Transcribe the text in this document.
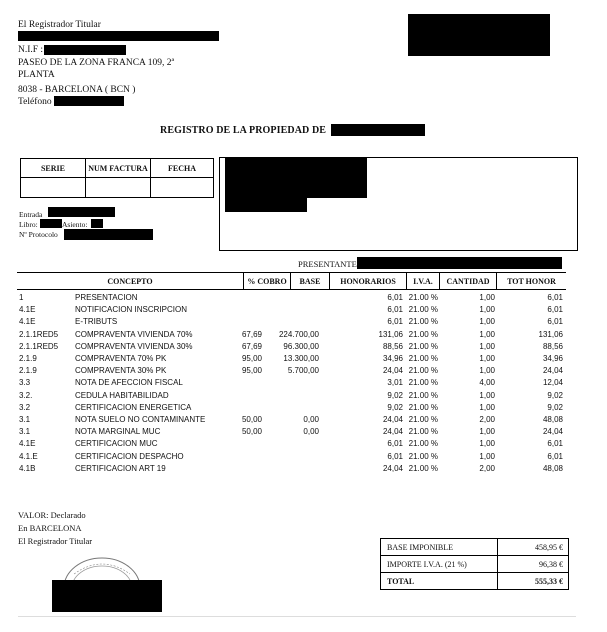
El Registrador Titular
N.I.F :
PASEO DE LA ZONA FRANCA 109, 2ª
PLANTA
8038 - BARCELONA ( BCN )
Teléfono
REGISTRO DE LA PROPIEDAD DE
SERIE	NUM FACTURA	FECHA
Entrada
Libro:	Asiento:
Nº Protocolo
PRESENTANTE
CONCEPTO	% COBRO	BASE	HONORARIOS	I.V.A.	CANTIDAD	TOT HONOR
1	PRESENTACION	6,01 21.00 %	1,00	6,01
4.1E	NOTIFICACION INSCRIPCION	6,01 21.00 %	1,00	6,01
4.1E	E-TRIBUTS	6,01 21.00 %	1,00	6,01
2.1.1RED5 COMPRAVENTA VIVIENDA 70%	67,69 224.700,00	131,06 21.00 %	1,00	131,06
2.1.1RED5 COMPRAVENTA VIVIENDA 30%	67,69	96.300,00	88,56 21.00 %	1,00	88,56
2.1.9	COMPRAVENTA 70% PK	95,00	13.300,00	34,96 21.00 %	1,00	34,96
2.1.9	COMPRAVENTA 30% PK	95,00	5.700,00	24,04 21.00 %	1,00	24,04
3.3	NOTA DE AFECCION FISCAL	3,01 21.00 %	4,00	12,04
3.2.	CEDULA HABITABILIDAD	9,02 21.00 %	1,00	9,02
3.2	CERTIFICACION ENERGETICA	9,02 21.00 %	1,00	9,02
3.1	NOTA SUELO NO CONTAMINANTE	50,00	0,00	24,04 21.00 %	2,00	48,08
3.1	NOTA MARGINAL MUC	50,00	0,00	24,04 21.00 %	1,00	24,04
4.1E	CERTIFICACION MUC	6,01 21.00 %	1,00	6,01
4.1.E	CERTIFICACION DESPACHO	6,01 21.00 %	1,00	6,01
4.1B	CERTIFICACION ART 19	24,04 21.00 %	2,00	48,08
VALOR: Declarado
En BARCELONA
El Registrador Titular
BASE IMPONIBLE	458,95 €
IMPORTE I.V.A. (21 %)	96,38 €
TOTAL	555,33 €
